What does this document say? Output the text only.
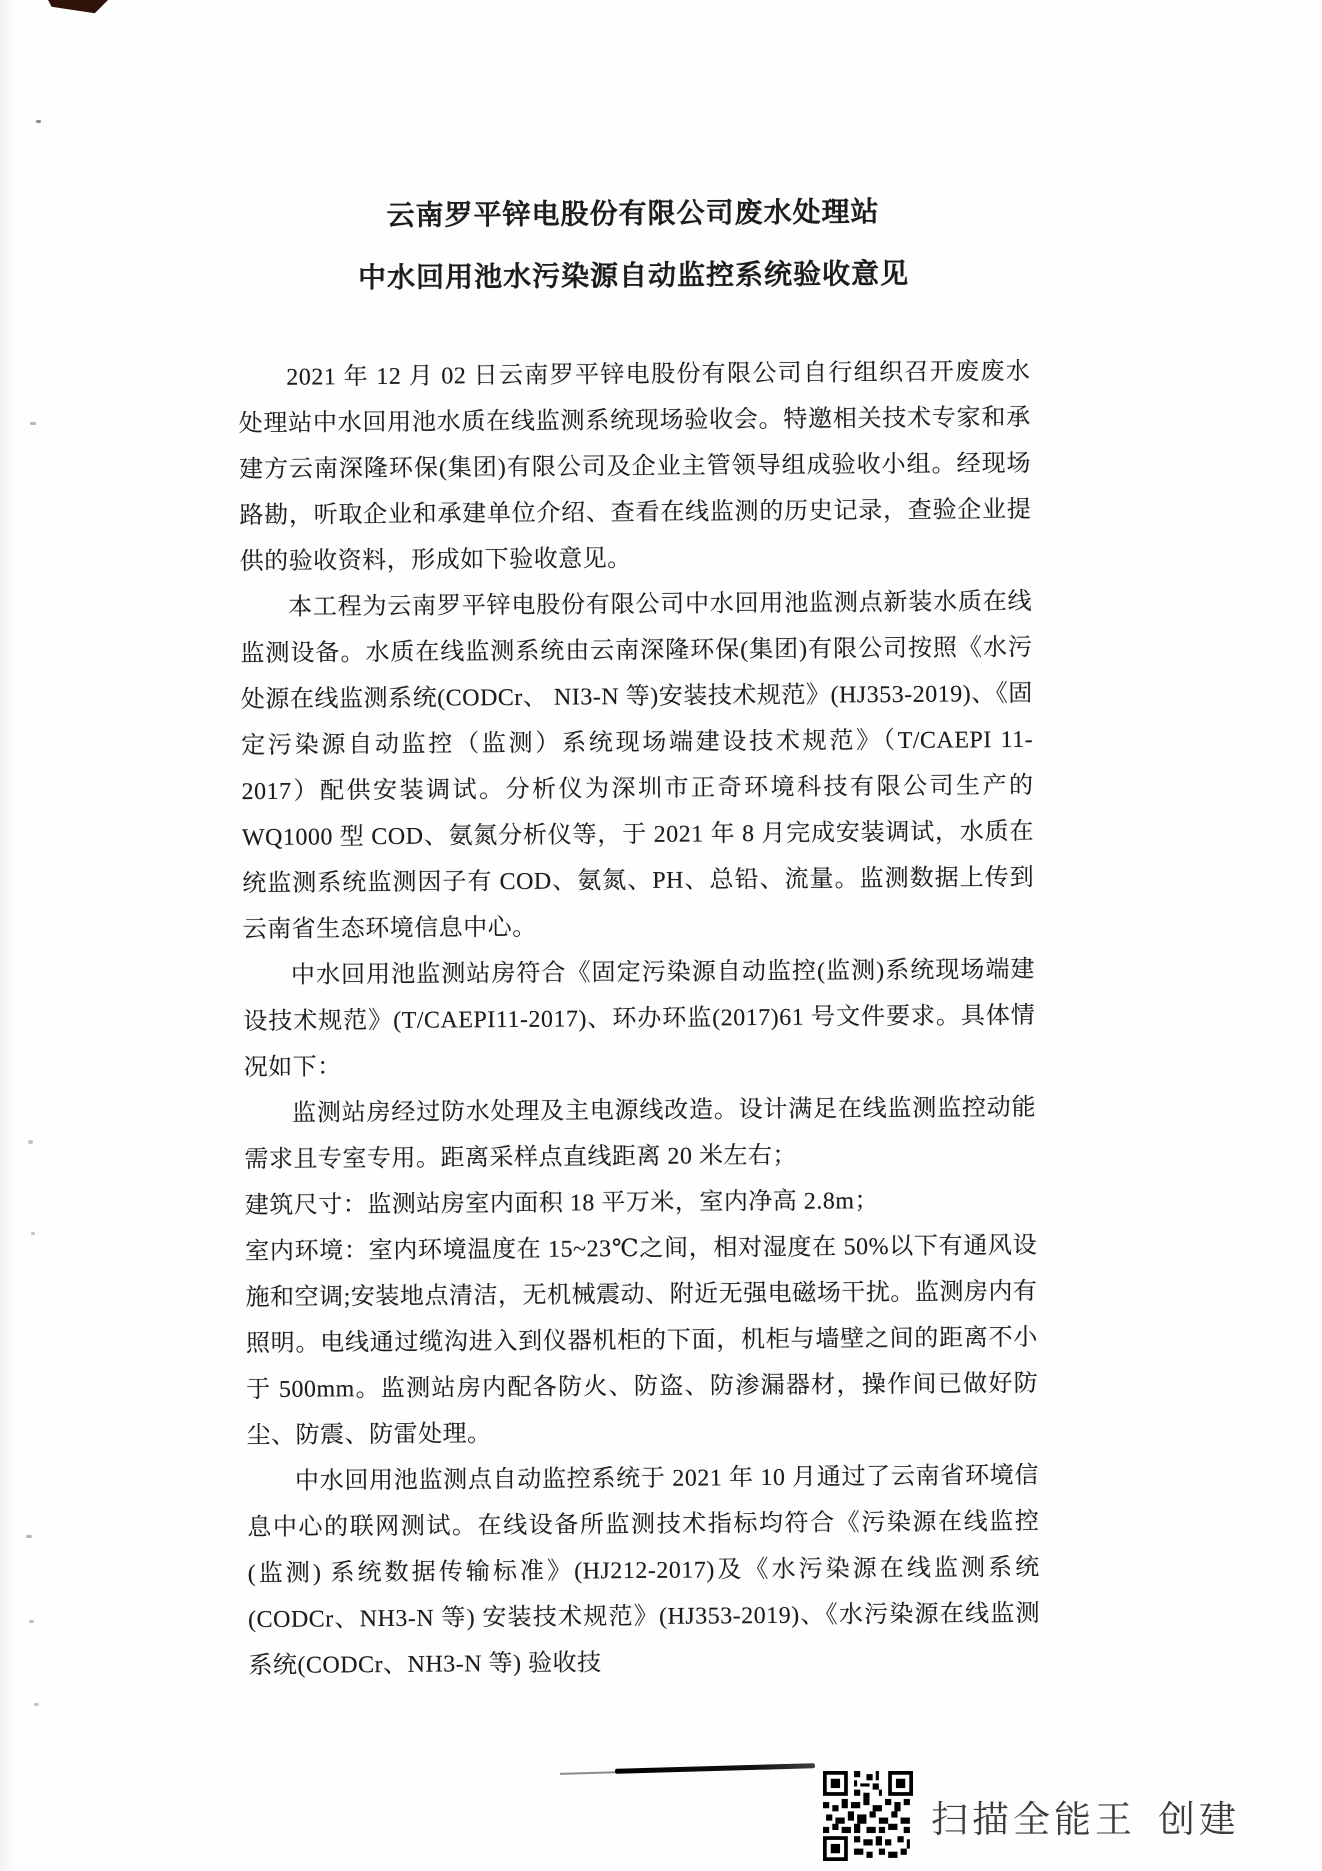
云南罗平锌电股份有限公司废水处理站
中水回用池水污染源自动监控系统验收意见

2021 年 12 月 02 日云南罗平锌电股份有限公司自行组织召开废废水处理站中水回用池水质在线监测系统现场验收会。特邀相关技术专家和承建方云南深隆环保(集团)有限公司及企业主管领导组成验收小组。经现场路勘，听取企业和承建单位介绍、查看在线监测的历史记录，查验企业提供的验收资料，形成如下验收意见。

本工程为云南罗平锌电股份有限公司中水回用池监测点新装水质在线监测设备。水质在线监测系统由云南深隆环保(集团)有限公司按照《水污处源在线监测系统(CODCr、 NI3-N 等)安装技术规范》(HJ353-2019)、《固定污染源自动监控（监测）系统现场端建设技术规范》（T/CAEPI 11-2017）配供安装调试。分析仪为深圳市正奇环境科技有限公司生产的 WQ1000 型 COD、氨氮分析仪等，于 2021 年 8 月完成安装调试，水质在统监测系统监测因子有 COD、氨氮、PH、总铅、流量。监测数据上传到云南省生态环境信息中心。

中水回用池监测站房符合《固定污染源自动监控(监测)系统现场端建设技术规范》(T/CAEPI11-2017)、环办环监(2017)61 号文件要求。具体情况如下：

监测站房经过防水处理及主电源线改造。设计满足在线监测监控动能需求且专室专用。距离采样点直线距离 20 米左右；

建筑尺寸：监测站房室内面积 18 平万米，室内净高 2.8m；

室内环境：室内环境温度在 15~23℃之间，相对湿度在 50%以下有通风设施和空调;安装地点清洁，无机械震动、附近无强电磁场干扰。监测房内有照明。电线通过缆沟进入到仪器机柜的下面，机柜与墙壁之间的距离不小于 500mm。监测站房内配各防火、防盗、防渗漏器材，操作间已做好防尘、防震、防雷处理。

中水回用池监测点自动监控系统于 2021 年 10 月通过了云南省环境信息中心的联网测试。在线设备所监测技术指标均符合《污染源在线监控(监测) 系统数据传输标准》(HJ212-2017)及《水污染源在线监测系统(CODCr、NH3-N 等) 安装技术规范》(HJ353-2019)、《水污染源在线监测系统(CODCr、NH3-N 等) 验收技

扫描全能王 创建
